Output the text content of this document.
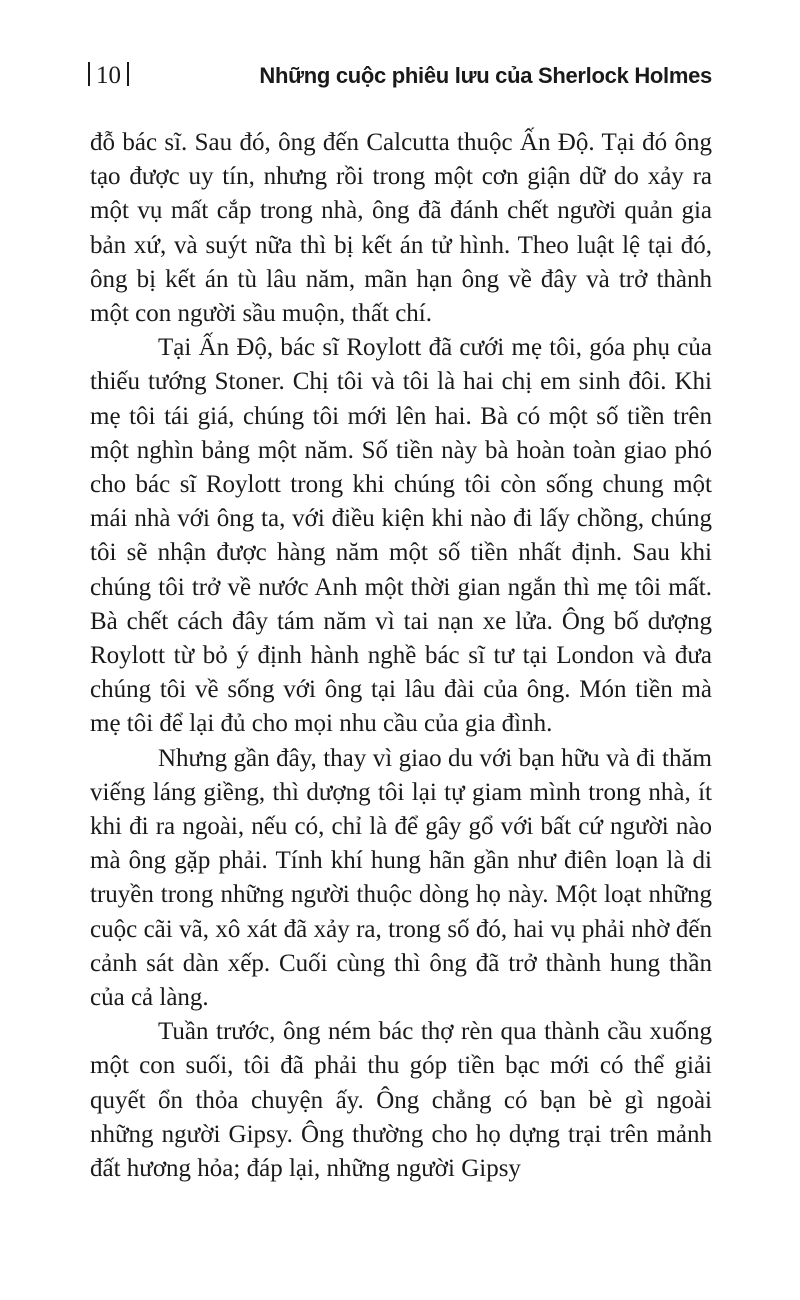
10	Những cuộc phiêu lưu của Sherlock Holmes

đỗ bác sĩ. Sau đó, ông đến Calcutta thuộc Ấn Độ. Tại đó ông tạo được uy tín, nhưng rồi trong một cơn giận dữ do xảy ra một vụ mất cắp trong nhà, ông đã đánh chết người quản gia bản xứ, và suýt nữa thì bị kết án tử hình. Theo luật lệ tại đó, ông bị kết án tù lâu năm, mãn hạn ông về đây và trở thành một con người sầu muộn, thất chí.

Tại Ấn Độ, bác sĩ Roylott đã cưới mẹ tôi, góa phụ của thiếu tướng Stoner. Chị tôi và tôi là hai chị em sinh đôi. Khi mẹ tôi tái giá, chúng tôi mới lên hai. Bà có một số tiền trên một nghìn bảng một năm. Số tiền này bà hoàn toàn giao phó cho bác sĩ Roylott trong khi chúng tôi còn sống chung một mái nhà với ông ta, với điều kiện khi nào đi lấy chồng, chúng tôi sẽ nhận được hàng năm một số tiền nhất định. Sau khi chúng tôi trở về nước Anh một thời gian ngắn thì mẹ tôi mất. Bà chết cách đây tám năm vì tai nạn xe lửa. Ông bố dượng Roylott từ bỏ ý định hành nghề bác sĩ tư tại London và đưa chúng tôi về sống với ông tại lâu đài của ông. Món tiền mà mẹ tôi để lại đủ cho mọi nhu cầu của gia đình.

Nhưng gần đây, thay vì giao du với bạn hữu và đi thăm viếng láng giềng, thì dượng tôi lại tự giam mình trong nhà, ít khi đi ra ngoài, nếu có, chỉ là để gây gổ với bất cứ người nào mà ông gặp phải. Tính khí hung hãn gần như điên loạn là di truyền trong những người thuộc dòng họ này. Một loạt những cuộc cãi vã, xô xát đã xảy ra, trong số đó, hai vụ phải nhờ đến cảnh sát dàn xếp. Cuối cùng thì ông đã trở thành hung thần của cả làng.

Tuần trước, ông ném bác thợ rèn qua thành cầu xuống một con suối, tôi đã phải thu góp tiền bạc mới có thể giải quyết ổn thỏa chuyện ấy. Ông chẳng có bạn bè gì ngoài những người Gipsy. Ông thường cho họ dựng trại trên mảnh đất hương hỏa; đáp lại, những người Gipsy
